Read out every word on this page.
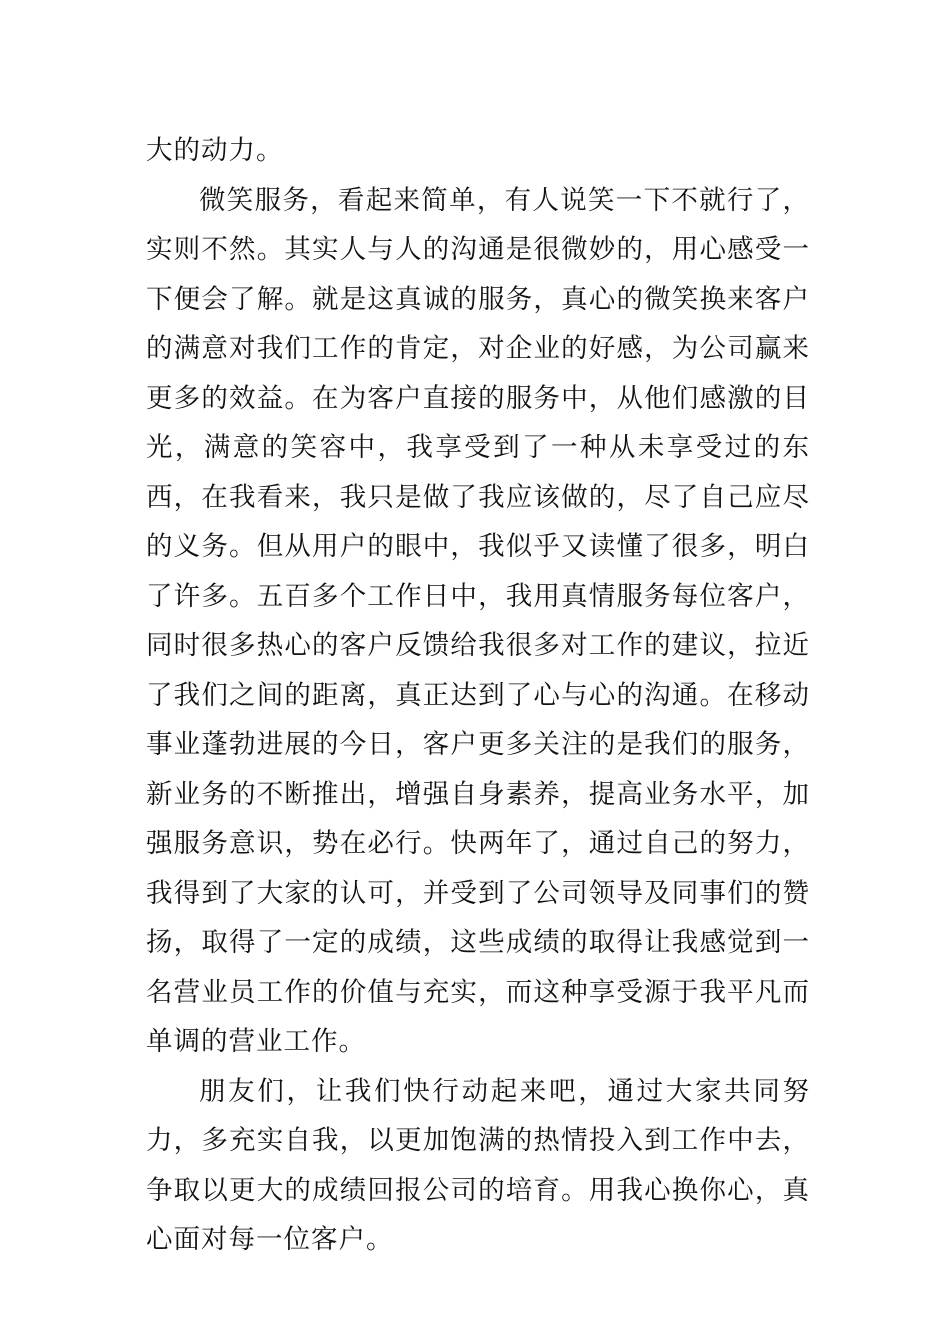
大的动力。

微笑服务，看起来简单，有人说笑一下不就行了，实则不然。其实人与人的沟通是很微妙的，用心感受一下便会了解。就是这真诚的服务，真心的微笑换来客户的满意对我们工作的肯定，对企业的好感，为公司赢来更多的效益。在为客户直接的服务中，从他们感激的目光，满意的笑容中，我享受到了一种从未享受过的东西，在我看来，我只是做了我应该做的，尽了自己应尽的义务。但从用户的眼中，我似乎又读懂了很多，明白了许多。五百多个工作日中，我用真情服务每位客户，同时很多热心的客户反馈给我很多对工作的建议，拉近了我们之间的距离，真正达到了心与心的沟通。在移动事业蓬勃进展的今日，客户更多关注的是我们的服务，新业务的不断推出，增强自身素养，提高业务水平，加强服务意识，势在必行。快两年了，通过自己的努力，我得到了大家的认可，并受到了公司领导及同事们的赞扬，取得了一定的成绩，这些成绩的取得让我感觉到一名营业员工作的价值与充实，而这种享受源于我平凡而单调的营业工作。

朋友们，让我们快行动起来吧，通过大家共同努力，多充实自我，以更加饱满的热情投入到工作中去，争取以更大的成绩回报公司的培育。用我心换你心，真心面对每一位客户。
